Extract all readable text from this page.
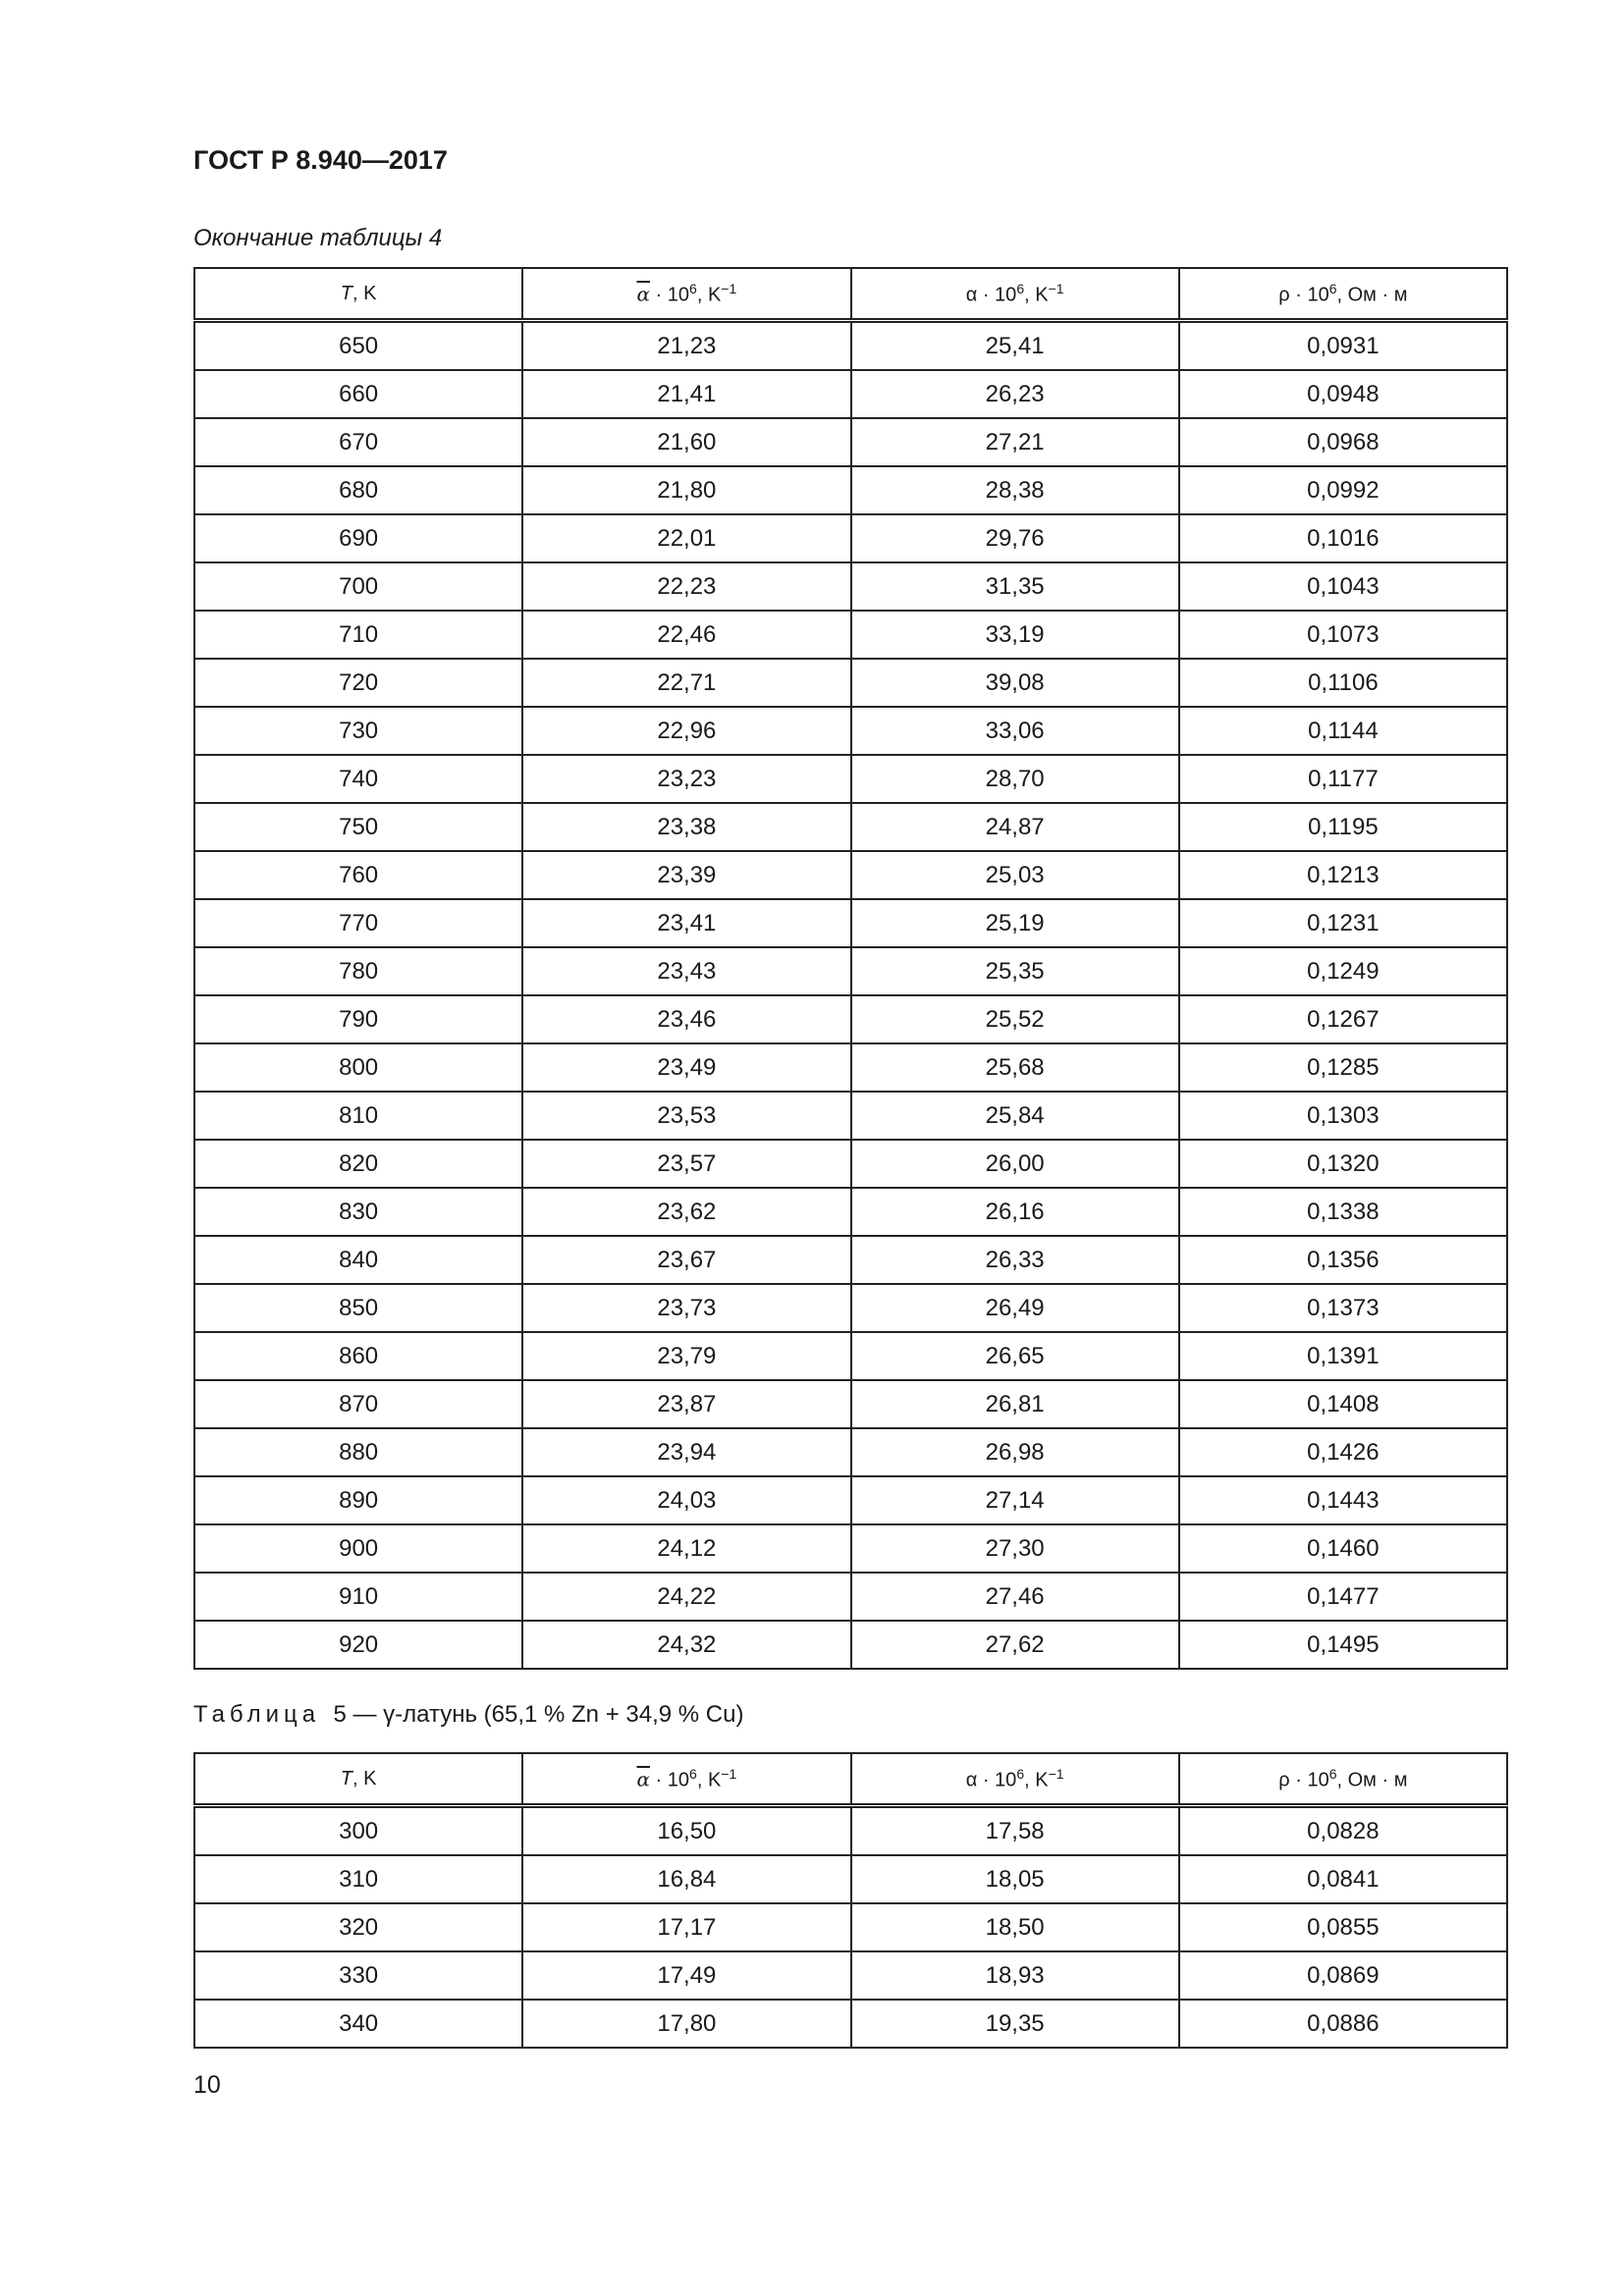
ГОСТ Р 8.940—2017
Окончание таблицы 4
T, K	$\overline{\alpha} \cdot 10^6$, $K^{-1}$	$\alpha \cdot 10^6$, $K^{-1}$	$\rho \cdot 10^6$, Ом · м
650	21,23	25,41	0,0931
660	21,41	26,23	0,0948
670	21,60	27,21	0,0968
680	21,80	28,38	0,0992
690	22,01	29,76	0,1016
700	22,23	31,35	0,1043
710	22,46	33,19	0,1073
720	22,71	39,08	0,1106
730	22,96	33,06	0,1144
740	23,23	28,70	0,1177
750	23,38	24,87	0,1195
760	23,39	25,03	0,1213
770	23,41	25,19	0,1231
780	23,43	25,35	0,1249
790	23,46	25,52	0,1267
800	23,49	25,68	0,1285
810	23,53	25,84	0,1303
820	23,57	26,00	0,1320
830	23,62	26,16	0,1338
840	23,67	26,33	0,1356
850	23,73	26,49	0,1373
860	23,79	26,65	0,1391
870	23,87	26,81	0,1408
880	23,94	26,98	0,1426
890	24,03	27,14	0,1443
900	24,12	27,30	0,1460
910	24,22	27,46	0,1477
920	24,32	27,62	0,1495
Таблица 5 — γ-латунь (65,1 % Zn + 34,9 % Cu)
T, K	$\overline{\alpha} \cdot 10^6$, $K^{-1}$	$\alpha \cdot 10^6$, $K^{-1}$	$\rho \cdot 10^6$, Ом · м
300	16,50	17,58	0,0828
310	16,84	18,05	0,0841
320	17,17	18,50	0,0855
330	17,49	18,93	0,0869
340	17,80	19,35	0,0886
10
